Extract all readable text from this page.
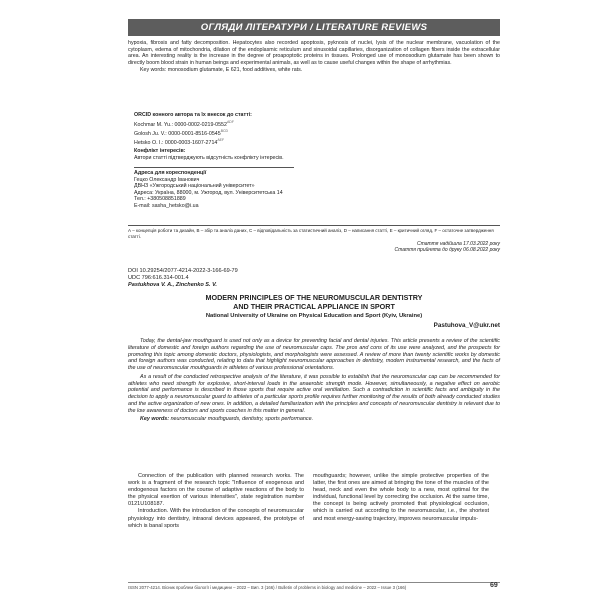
ОГЛЯДИ ЛІТЕРАТУРИ / LITERATURE REVIEWS

hypoxia, fibrosis and fatty decomposition. Hepatocytes also recorded apoptosis, pyknosis of nuclei, lysis of the nuclear membrane, vacuolation of the cytoplasm, edema of mitochondria, dilation of the endoplasmic reticulum and sinusoidal capillaries, disorganization of collagen fibers inside the extracellular area. An interesting reality is the increase in the degree of proapoptotic proteins in tissues. Prolonged use of monosodium glutamate has been shown to directly boom blood strain in human beings and experimental animals, as well as to cause useful changes within the shape of arrhythmias.

Key words: monosodium glutamate, E 621, food additives, white rats.

ORCID конного автора та їх внесок до статті:

Kochmar M. Yu.: $0000-0002-0219-0552^{ADF}$

Golosh Ju. V.: $0000-0001-8516-0545^{BCD}$

Hetsko O. I.: $0000-0003-1607-2714^{AEF}$

Конфлікт інтересів:

Автори статті підтверджують відсутність конфлікту інтересів.

Адреса для кореспонденції

Гецко Олександр Іванович

ДВНЗ «Ужгородський національний університет»

Адреса: Україна, 88000, м. Ужгород, вул. Університетська 14

Тел.: +380508851889

E-mail: sasha_hetsko@i.ua

А – концепція роботи та дизайн, В – збір та аналіз даних, С – відповідальність за статистичний аналіз, D – написання статті, E – критичний огляд, F – остаточне затвердження статті.

Стаття надійшла 17.03.2022 року

Стаття прийнята до друку 06.08.2022 року

DOI 10.29254/2077-4214-2022-3-166-69-79

UDC 796:616.314-001.4

Pastukhova V. A., Zinchenko S. V.

MODERN PRINCIPLES OF THE NEUROMUSCULAR DENTISTRY

AND THEIR PRACTICAL APPLIANCE IN SPORT

National University of Ukraine on Physical Education and Sport (Kyiv, Ukraine)
Pastuhova_V@ukr.net

Today, the dental-jaw mouthguard is used not only as a device for preventing facial and dental injuries. This article presents a review of the scientific literature of domestic and foreign authors regarding the use of neuromuscular caps. The pros and cons of its use were analyzed, and the prospects for promoting this topic among domestic doctors, physiologists, and morphologists were assessed. A review of more than twenty scientific works by domestic and foreign authors was conducted, relating to data that highlight neuromuscular approaches in dentistry, modern instrumental research, and the facts of the use of neuromuscular mouthguards in athletes of various professional orientations.

As a result of the conducted retrospective analysis of the literature, it was possible to establish that the neuromuscular cap can be recommended for athletes who need strength for explosive, short-interval loads in the anaerobic strength mode. However, simultaneously, a negative effect on aerobic potential and performance is described in those sports that require active oral ventilation. Such a contradiction in scientific facts and ambiguity in the decision to apply a neuromuscular guard to athletes of a particular sports profile requires further monitoring of the results of both already conducted studies and the active organization of new ones. In addition, a detailed familiarization with the principles and concepts of neuromuscular dentistry is relevant due to the low awareness of doctors and sports coaches in this matter in general.

Key words: neuromuscular mouthguards, dentistry, sports performance.

Connection of the publication with planned research works. The work is a fragment of the research topic "Influence of exogenous and endogenous factors on the course of adaptive reactions of the body to the physical exertion of various intensities", state registration number 0121U108187.

Introduction. With the introduction of the concepts of neuromuscular physiology into dentistry, intraoral devices appeared, the prototype of which is banal sports

mouthguards; however, unlike the simple protective properties of the latter, the first ones are aimed at bringing the tone of the muscles of the head, neck and even the whole body to a new, most optimal for the individual, functional level by correcting the occlusion. At the same time, the concept is being actively promoted that physiological occlusion, which is carried out according to the neuromuscular, i.e., the shortest and most energy-saving trajectory, improves neuromuscular impuls-

ISSN 2077-4214. Вісник проблем біології і медицини – 2022 – Вип. 3 (166) / Bulletin of problems in biology and medicine – 2022 – Issue 3 (166)	69
